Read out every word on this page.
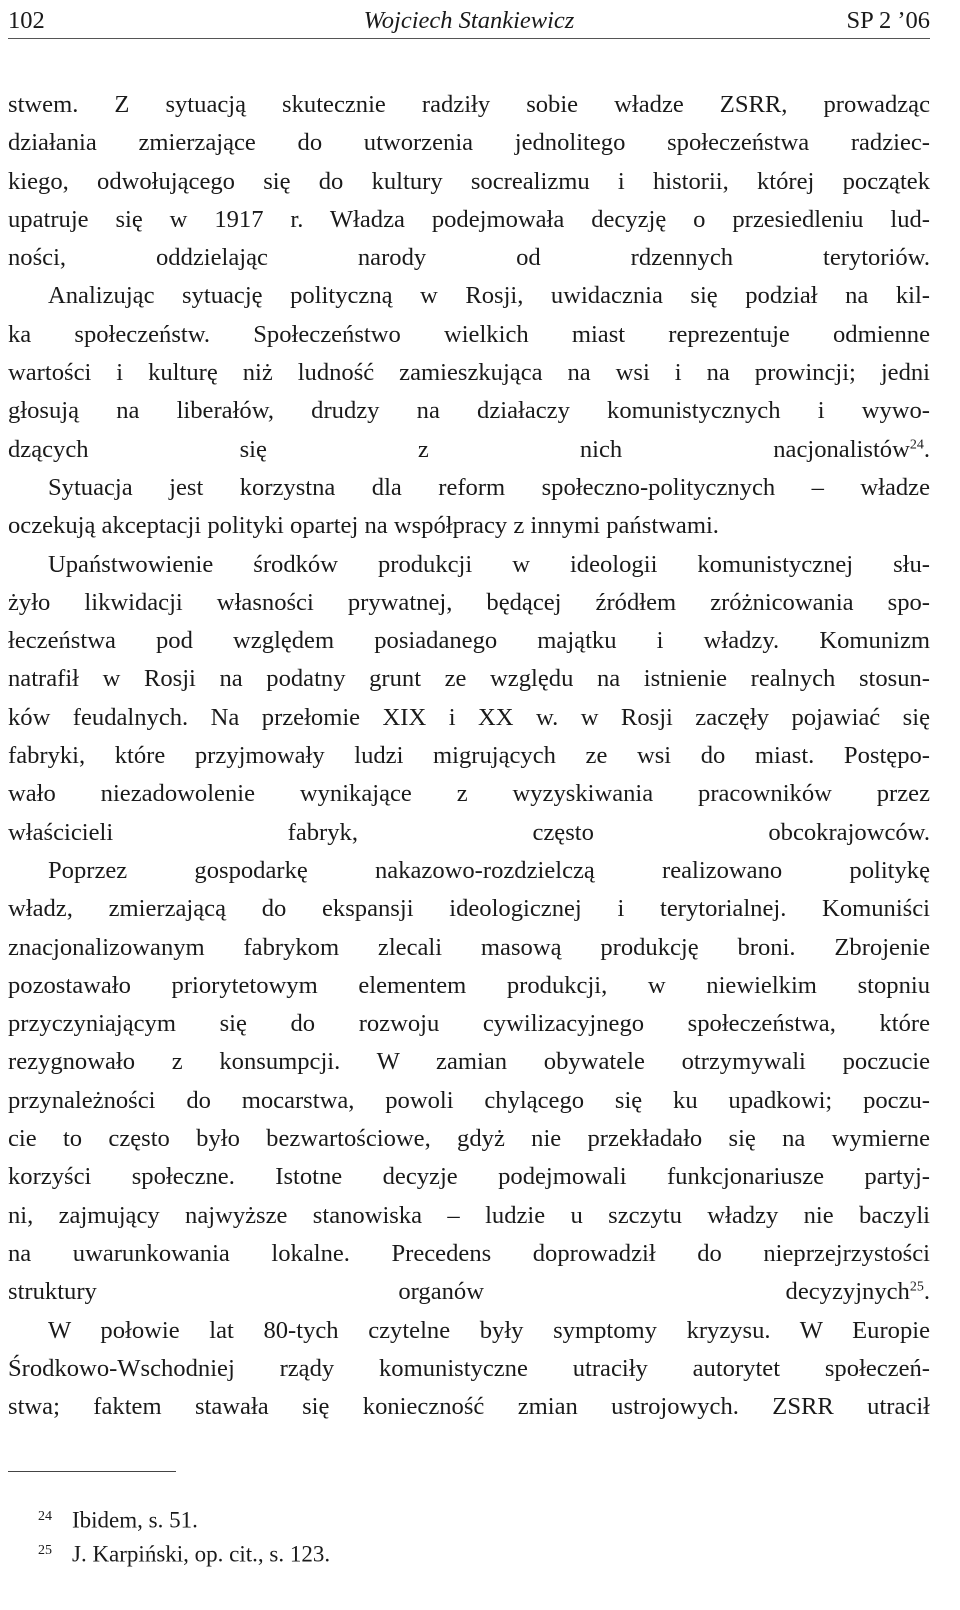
Wojciech Stankiewicz
102	SP 2 ’06
stwem. Z sytuacją skutecznie radziły sobie władze ZSRR, prowadząc
działania zmierzające do utworzenia jednolitego społeczeństwa radziec-
kiego, odwołującego się do kultury socrealizmu i historii, której początek
upatruje się w 1917 r. Władza podejmowała decyzję o przesiedleniu lud-
ności, oddzielając narody od rdzennych terytoriów.
Analizując sytuację polityczną w Rosji, uwidacznia się podział na kil-
ka społeczeństw. Społeczeństwo wielkich miast reprezentuje odmienne
wartości i kulturę niż ludność zamieszkująca na wsi i na prowincji; jedni
głosują na liberałów, drudzy na działaczy komunistycznych i wywo-
dzących się z nich nacjonalistów$^{24}$.
Sytuacja jest korzystna dla reform społeczno-politycznych – władze
oczekują akceptacji polityki opartej na współpracy z innymi państwami.
Upaństwowienie środków produkcji w ideologii komunistycznej słu-
żyło likwidacji własności prywatnej, będącej źródłem zróżnicowania spo-
łeczeństwa pod względem posiadanego majątku i władzy. Komunizm
natrafił w Rosji na podatny grunt ze względu na istnienie realnych stosun-
ków feudalnych. Na przełomie XIX i XX w. w Rosji zaczęły pojawiać się
fabryki, które przyjmowały ludzi migrujących ze wsi do miast. Postępo-
wało niezadowolenie wynikające z wyzyskiwania pracowników przez
właścicieli fabryk, często obcokrajowców.
Poprzez gospodarkę nakazowo-rozdzielczą realizowano politykę
władz, zmierzającą do ekspansji ideologicznej i terytorialnej. Komuniści
znacjonalizowanym fabrykom zlecali masową produkcję broni. Zbrojenie
pozostawało priorytetowym elementem produkcji, w niewielkim stopniu
przyczyniającym się do rozwoju cywilizacyjnego społeczeństwa, które
rezygnowało z konsumpcji. W zamian obywatele otrzymywali poczucie
przynależności do mocarstwa, powoli chylącego się ku upadkowi; poczu-
cie to często było bezwartościowe, gdyż nie przekładało się na wymierne
korzyści społeczne. Istotne decyzje podejmowali funkcjonariusze partyj-
ni, zajmujący najwyższe stanowiska – ludzie u szczytu władzy nie baczyli
na uwarunkowania lokalne. Precedens doprowadził do nieprzejrzystości
struktury organów decyzyjnych$^{25}$.
W połowie lat 80-tych czytelne były symptomy kryzysu. W Europie
Środkowo-Wschodniej rządy komunistyczne utraciły autorytet społeczeń-
stwa; faktem stawała się konieczność zmian ustrojowych. ZSRR utracił
24 Ibidem, s. 51.
25 J. Karpiński, op. cit., s. 123.
